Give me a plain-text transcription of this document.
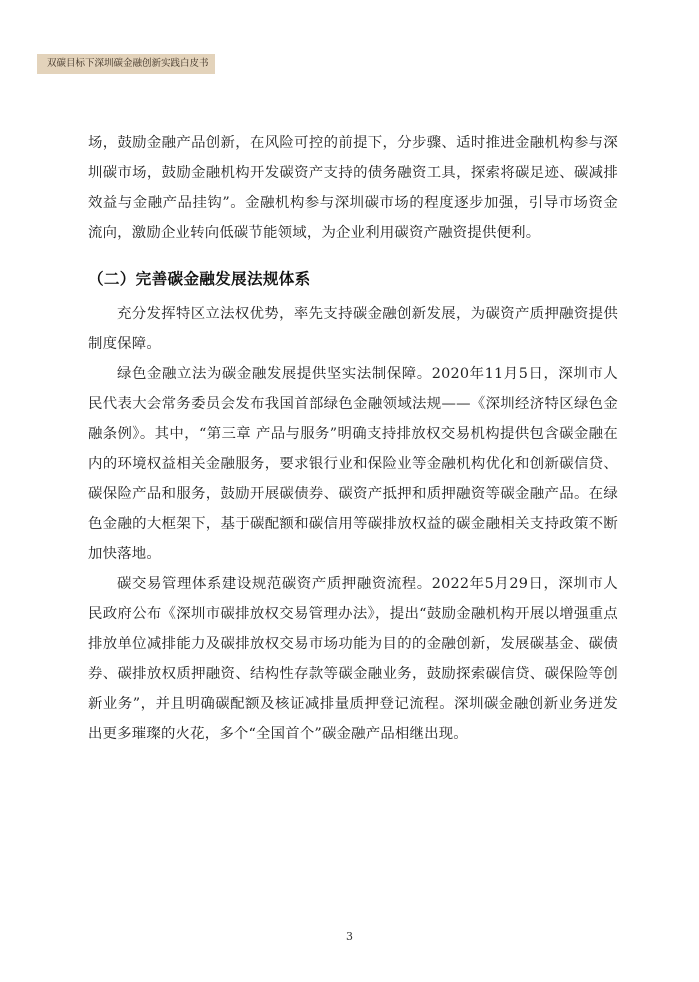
双碳目标下深圳碳金融创新实践白皮书

场，鼓励金融产品创新，在风险可控的前提下，分步骤、适时推进金融机构参与深圳碳市场，鼓励金融机构开发碳资产支持的债务融资工具，探索将碳足迹、碳减排效益与金融产品挂钩”。金融机构参与深圳碳市场的程度逐步加强，引导市场资金流向，激励企业转向低碳节能领域，为企业利用碳资产融资提供便利。

（二）完善碳金融发展法规体系

充分发挥特区立法权优势，率先支持碳金融创新发展，为碳资产质押融资提供制度保障。

绿色金融立法为碳金融发展提供坚实法制保障。2020年11月5日，深圳市人民代表大会常务委员会发布我国首部绿色金融领域法规——《深圳经济特区绿色金融条例》。其中，“第三章 产品与服务”明确支持排放权交易机构提供包含碳金融在内的环境权益相关金融服务，要求银行业和保险业等金融机构优化和创新碳信贷、碳保险产品和服务，鼓励开展碳债券、碳资产抵押和质押融资等碳金融产品。在绿色金融的大框架下，基于碳配额和碳信用等碳排放权益的碳金融相关支持政策不断加快落地。

碳交易管理体系建设规范碳资产质押融资流程。2022年5月29日，深圳市人民政府公布《深圳市碳排放权交易管理办法》，提出“鼓励金融机构开展以增强重点排放单位减排能力及碳排放权交易市场功能为目的的金融创新，发展碳基金、碳债券、碳排放权质押融资、结构性存款等碳金融业务，鼓励探索碳信贷、碳保险等创新业务”，并且明确碳配额及核证减排量质押登记流程。深圳碳金融创新业务迸发出更多璀璨的火花，多个“全国首个”碳金融产品相继出现。

3
